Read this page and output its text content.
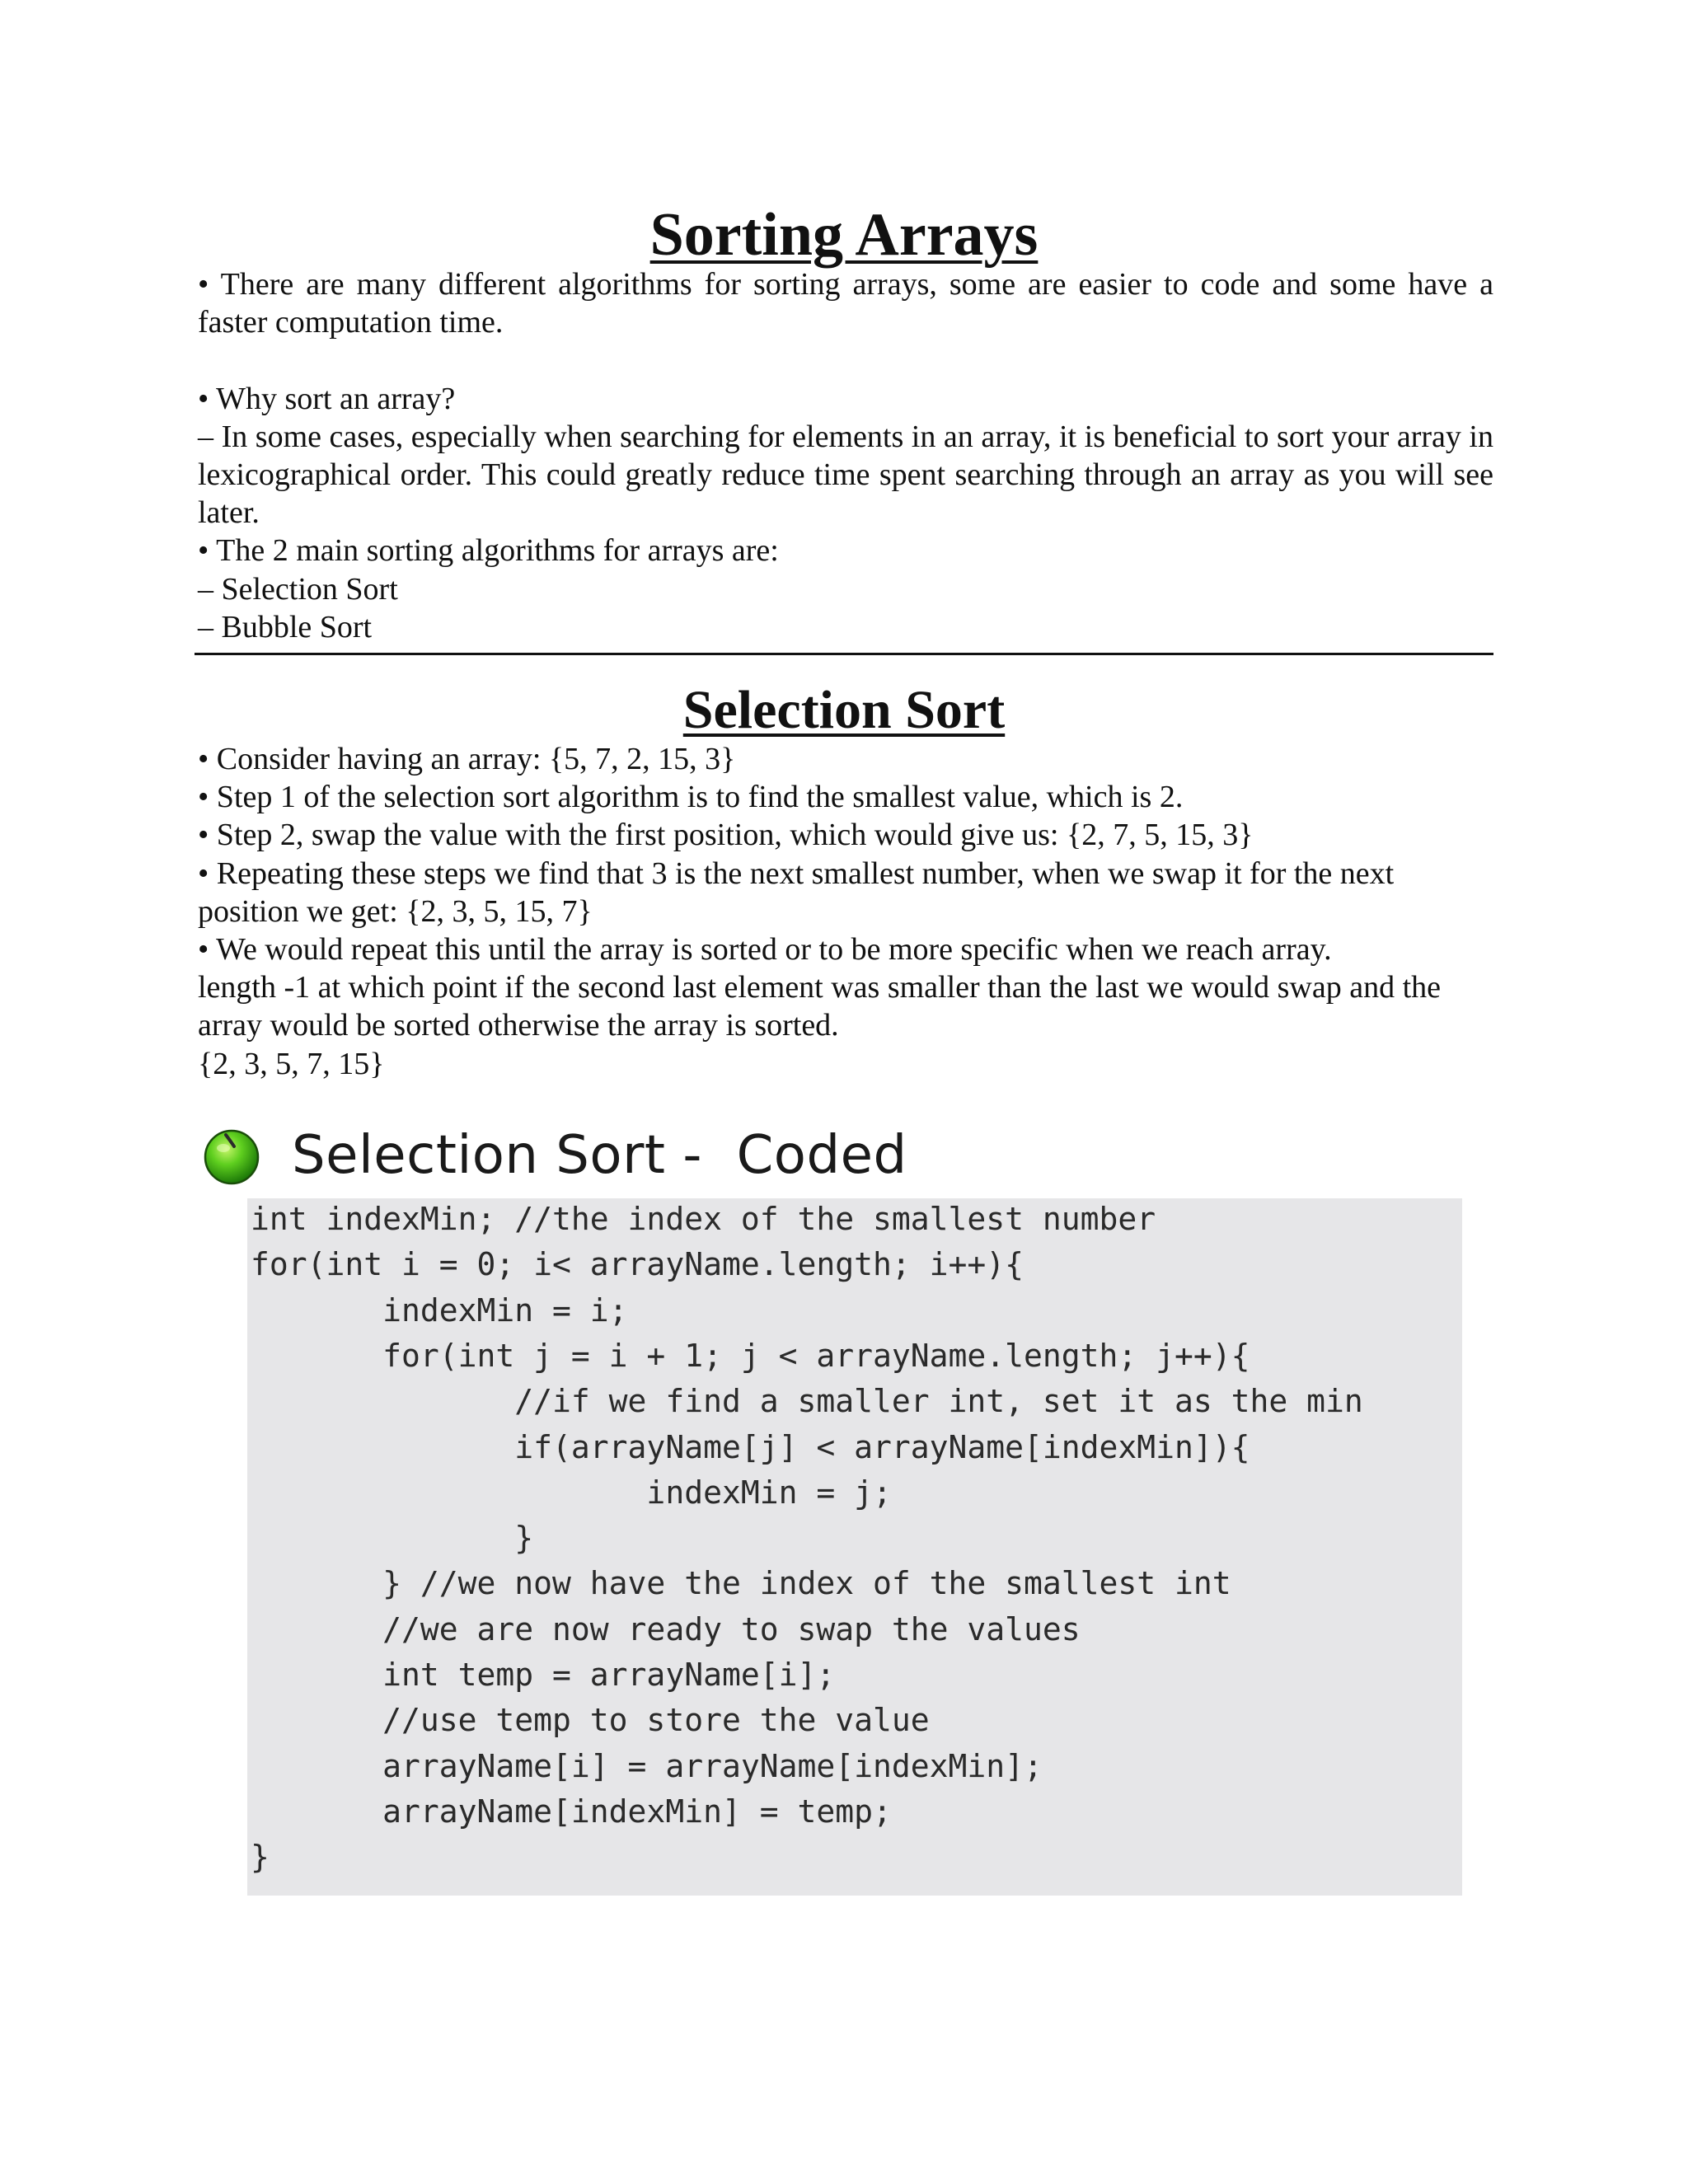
Sorting Arrays

• There are many different algorithms for sorting arrays, some are easier to code and some have a faster computation time.

• Why sort an array?

– In some cases, especially when searching for elements in an array, it is beneficial to sort your array in lexicographical order. This could greatly reduce time spent searching through an array as you will see later.

• The 2 main sorting algorithms for arrays are:

– Selection Sort

– Bubble Sort

Selection Sort

• Consider having an array: {5, 7, 2, 15, 3}

• Step 1 of the selection sort algorithm is to find the smallest value, which is 2.

• Step 2, swap the value with the first position, which would give us: {2, 7, 5, 15, 3}

• Repeating these steps we find that 3 is the next smallest number, when we swap it for the next position we get: {2, 3, 5, 15, 7}

• We would repeat this until the array is sorted or to be more specific when we reach array.

length -1 at which point if the second last element was smaller than the last we would swap and the array would be sorted otherwise the array is sorted.

{2, 3, 5, 7, 15}

Selection Sort -  Coded
int indexMin; //the index of the smallest number
for(int i = 0; i< arrayName.length; i++){
indexMin = i;
for(int j = i + 1; j < arrayName.length; j++){
//if we find a smaller int, set it as the min
if(arrayName[j] < arrayName[indexMin]){
indexMin = j;
}
} //we now have the index of the smallest int
//we are now ready to swap the values
int temp = arrayName[i];
//use temp to store the value
arrayName[i] = arrayName[indexMin];
arrayName[indexMin] = temp;
}
